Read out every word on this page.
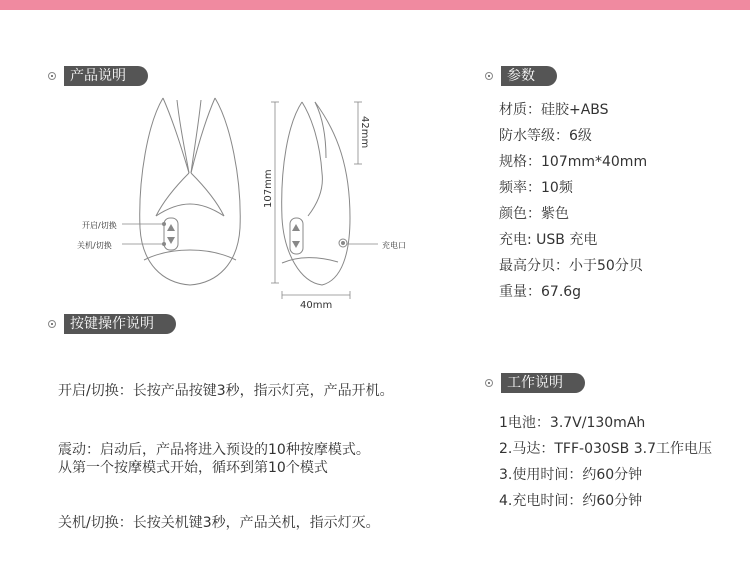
产品说明
按键操作说明
参数
工作说明
开启/切换
关机/切换	充电口
107mm
42mm
40mm
材质：硅胶+ABS
防水等级：6级
规格：107mm*40mm
频率：10频
颜色：紫色
充电: USB 充电
最高分贝：小于50分贝
重量：67.6g
1电池：3.7V/130mAh
2.马达：TFF-030SB 3.7工作电压
3.使用时间：约60分钟
4.充电时间：约60分钟
开启/切换：长按产品按键3秒，指示灯亮，产品开机。
震动：启动后，产品将进入预设的10种按摩模式。
从第一个按摩模式开始，循环到第10个模式
关机/切换：长按关机键3秒，产品关机，指示灯灭。
